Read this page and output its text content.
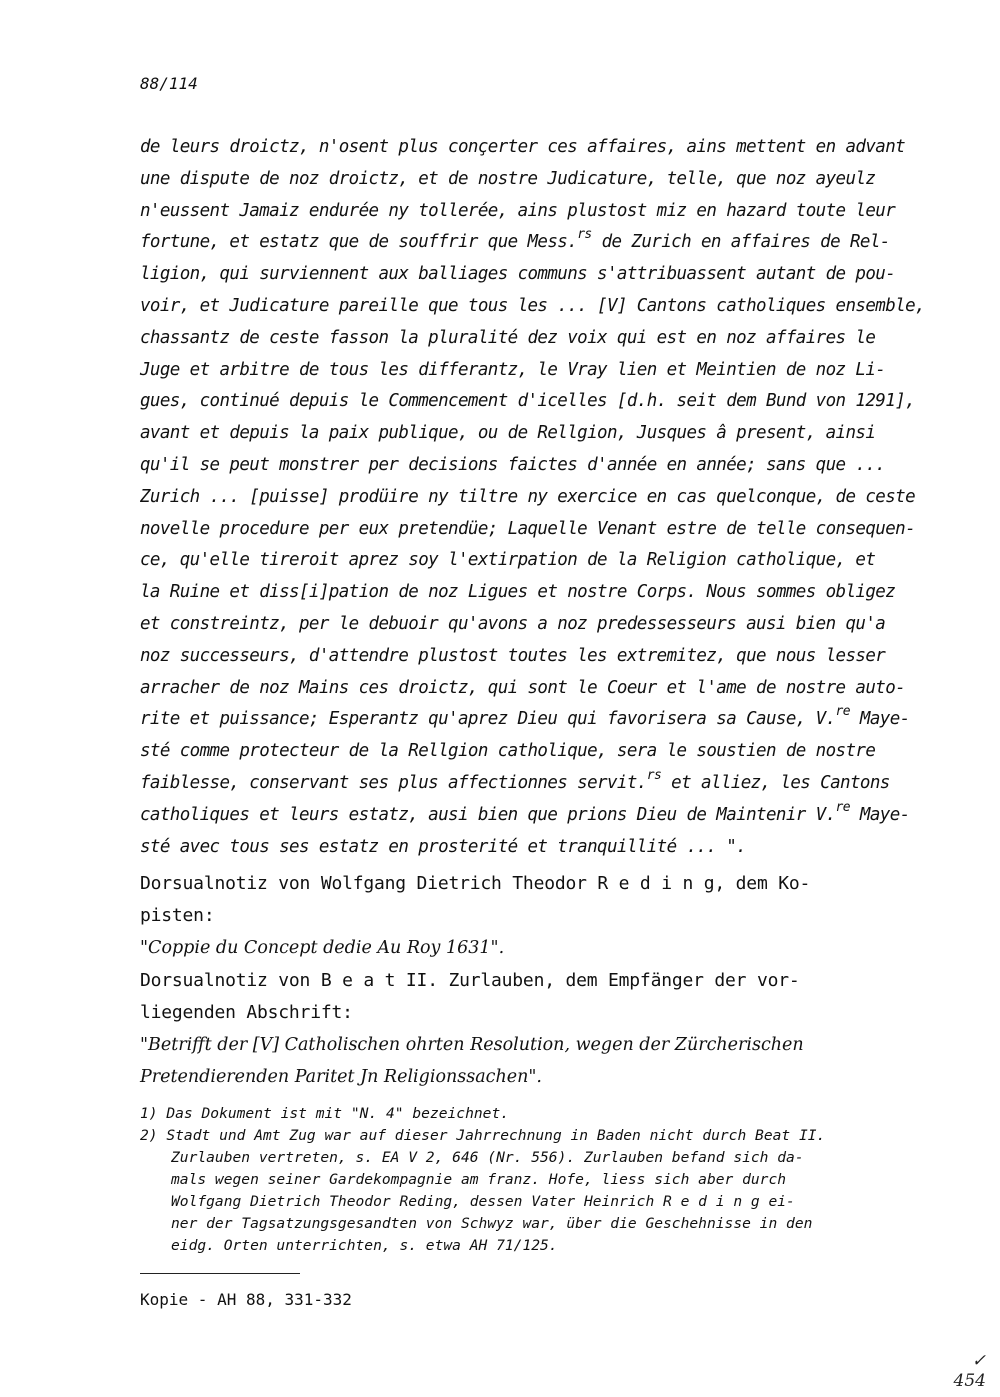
88/114
de leurs droictz, n'osent plus conçerter ces affaires, ains mettent en advant
une dispute de noz droictz, et de nostre Judicature, telle, que noz ayeulz
n'eussent Jamaiz endurée ny tollerée, ains plustost miz en hazard toute leur
fortune, et estatz que de souffrir que Mess.$^{rs}$ de Zurich en affaires de Rel-
ligion, qui surviennent aux balliages communs s'attribuassent autant de pou-
voir, et Judicature pareille que tous les ... [V] Cantons catholiques ensemble,
chassantz de ceste fasson la pluralité dez voix qui est en noz affaires le
Juge et arbitre de tous les differantz, le Vray lien et Meintien de noz Li-
gues, continué depuis le Commencement d'icelles [d.h. seit dem Bund von 1291],
avant et depuis la paix publique, ou de Rellgion, Jusques â present, ainsi
qu'il se peut monstrer per decisions faictes d'année en année; sans que ...
Zurich ... [puisse] prodüire ny tiltre ny exercice en cas quelconque, de ceste
novelle procedure per eux pretendüe; Laquelle Venant estre de telle consequen-
ce, qu'elle tireroit aprez soy l'extirpation de la Religion catholique, et
la Ruine et diss[i]pation de noz Ligues et nostre Corps. Nous sommes obligez
et constreintz, per le debuoir qu'avons a noz predessesseurs ausi bien qu'a
noz successeurs, d'attendre plustost toutes les extremitez, que nous lesser
arracher de noz Mains ces droictz, qui sont le Coeur et l'ame de nostre auto-
rite et puissance; Esperantz qu'aprez Dieu qui favorisera sa Cause, V.$^{re}$ Maye-
sté comme protecteur de la Rellgion catholique, sera le soustien de nostre
faiblesse, conservant ses plus affectionnes servit.$^{rs}$ et alliez, les Cantons
catholiques et leurs estatz, ausi bien que prions Dieu de Maintenir V.$^{re}$ Maye-
sté avec tous ses estatz en prosterité et tranquillité ... ".
Dorsualnotiz von Wolfgang Dietrich Theodor R e d i n g, dem Ko-
pisten:
"Coppie du Concept dedie Au Roy 1631".
Dorsualnotiz von B e a t II. Zurlauben, dem Empfänger der vor-
liegenden Abschrift:
"Betrifft der [V] Catholischen ohrten Resolution, wegen der Zürcherischen
Pretendierenden Paritet Jn Religionssachen".
1) Das Dokument ist mit "N. 4" bezeichnet.
2) Stadt und Amt Zug war auf dieser Jahrrechnung in Baden nicht durch Beat II.
Zurlauben vertreten, s. EA V 2, 646 (Nr. 556). Zurlauben befand sich da-
mals wegen seiner Gardekompagnie am franz. Hofe, liess sich aber durch
Wolfgang Dietrich Theodor Reding, dessen Vater Heinrich R e d i n g ei-
ner der Tagsatzungsgesandten von Schwyz war, über die Geschehnisse in den
eidg. Orten unterrichten, s. etwa AH 71/125.
Kopie - AH 88, 331-332
✓
454
